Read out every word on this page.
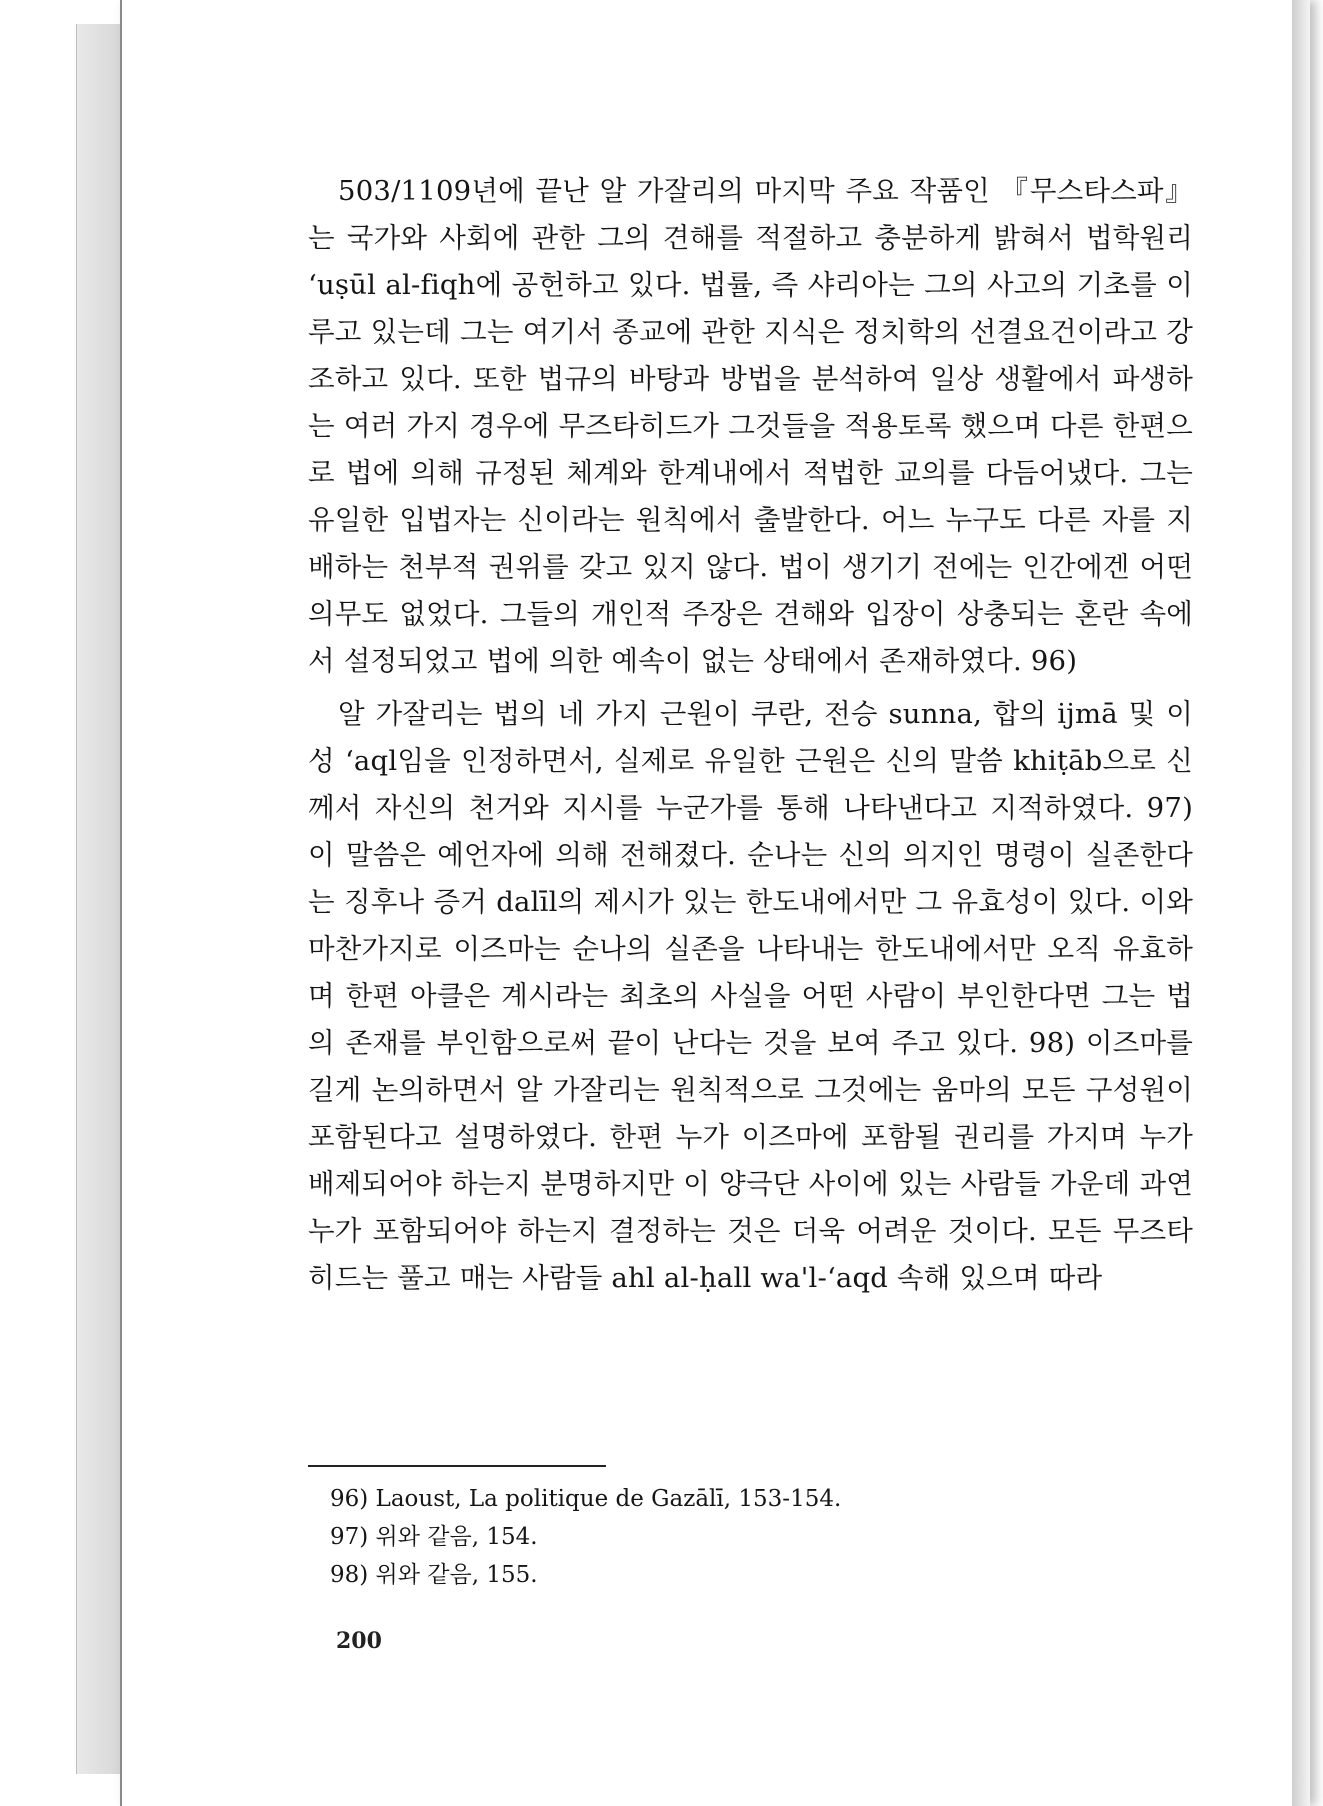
503/1109년에 끝난 알 가잘리의 마지막 주요 작품인 『무스타스파』는 국가와 사회에 관한 그의 견해를 적절하고 충분하게 밝혀서 법학원리 ʻuṣūl al-fiqh에 공헌하고 있다. 법률, 즉 샤리아는 그의 사고의 기초를 이루고 있는데 그는 여기서 종교에 관한 지식은 정치학의 선결요건이라고 강조하고 있다. 또한 법규의 바탕과 방법을 분석하여 일상 생활에서 파생하는 여러 가지 경우에 무즈타히드가 그것들을 적용토록 했으며 다른 한편으로 법에 의해 규정된 체계와 한계내에서 적법한 교의를 다듬어냈다. 그는 유일한 입법자는 신이라는 원칙에서 출발한다. 어느 누구도 다른 자를 지배하는 천부적 권위를 갖고 있지 않다. 법이 생기기 전에는 인간에겐 어떤 의무도 없었다. 그들의 개인적 주장은 견해와 입장이 상충되는 혼란 속에서 설정되었고 법에 의한 예속이 없는 상태에서 존재하였다. 96)

알 가잘리는 법의 네 가지 근원이 쿠란, 전승 sunna, 합의 ijmā 및 이성 ʻaql임을 인정하면서, 실제로 유일한 근원은 신의 말씀 khiṭāb으로 신께서 자신의 천거와 지시를 누군가를 통해 나타낸다고 지적하였다. 97) 이 말씀은 예언자에 의해 전해졌다. 순나는 신의 의지인 명령이 실존한다는 징후나 증거 dalīl의 제시가 있는 한도내에서만 그 유효성이 있다. 이와 마찬가지로 이즈마는 순나의 실존을 나타내는 한도내에서만 오직 유효하며 한편 아클은 계시라는 최초의 사실을 어떤 사람이 부인한다면 그는 법의 존재를 부인함으로써 끝이 난다는 것을 보여 주고 있다. 98) 이즈마를 길게 논의하면서 알 가잘리는 원칙적으로 그것에는 움마의 모든 구성원이 포함된다고 설명하였다. 한편 누가 이즈마에 포함될 권리를 가지며 누가 배제되어야 하는지 분명하지만 이 양극단 사이에 있는 사람들 가운데 과연 누가 포함되어야 하는지 결정하는 것은 더욱 어려운 것이다. 모든 무즈타히드는 풀고 매는 사람들 ahl al-ḥall wa'l-ʻaqd 속해 있으며 따라

96) Laoust, La politique de Gazālī, 153-154.
97) 위와 같음, 154.
98) 위와 같음, 155.
200
